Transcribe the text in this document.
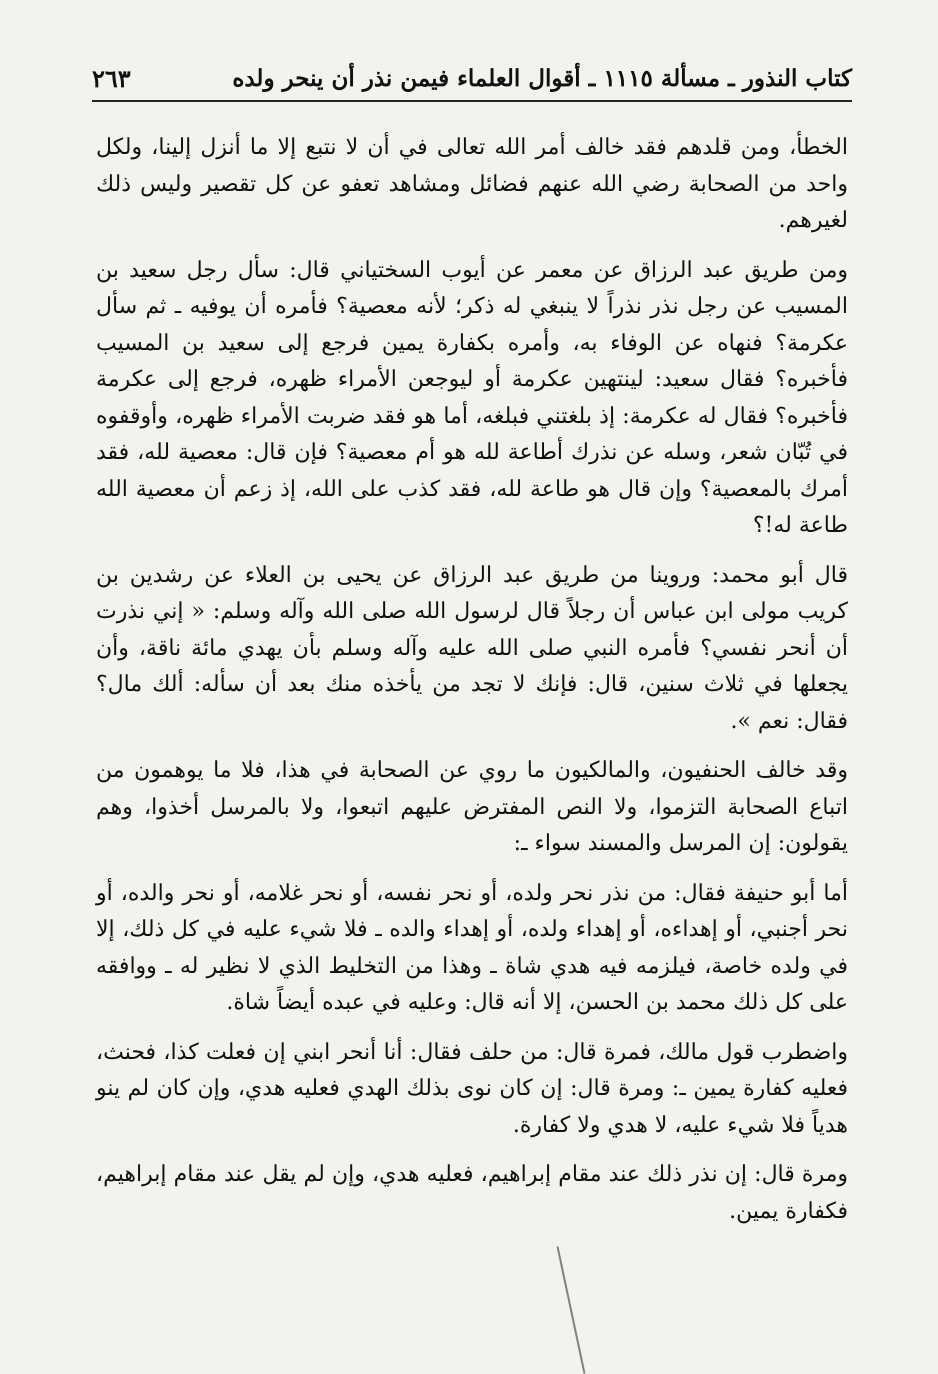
كتاب النذور ـ مسألة ١١١٥ ـ أقوال العلماء فيمن نذر أن ينحر ولده
٢٦٣

الخطأ، ومن قلدهم فقد خالف أمر الله تعالى في أن لا نتبع إلا ما أنزل إلينا، ولكل واحد من الصحابة رضي الله عنهم فضائل ومشاهد تعفو عن كل تقصير وليس ذلك لغيرهم.

ومن طريق عبد الرزاق عن معمر عن أيوب السختياني قال: سأل رجل سعيد بن المسيب عن رجل نذر نذراً لا ينبغي له ذكر؛ لأنه معصية؟ فأمره أن يوفيه ـ ثم سأل عكرمة؟ فنهاه عن الوفاء به، وأمره بكفارة يمين فرجع إلى سعيد بن المسيب فأخبره؟ فقال سعيد: لينتهين عكرمة أو ليوجعن الأمراء ظهره، فرجع إلى عكرمة فأخبره؟ فقال له عكرمة: إذ بلغتني فبلغه، أما هو فقد ضربت الأمراء ظهره، وأوقفوه في تُبّان شعر، وسله عن نذرك أطاعة لله هو أم معصية؟ فإن قال: معصية لله، فقد أمرك بالمعصية؟ وإن قال هو طاعة لله، فقد كذب على الله، إذ زعم أن معصية الله طاعة له!؟

قال أبو محمد: وروينا من طريق عبد الرزاق عن يحيى بن العلاء عن رشدين بن كريب مولى ابن عباس أن رجلاً قال لرسول الله صلى الله وآله وسلم: « إني نذرت أن أنحر نفسي؟ فأمره النبي صلى الله عليه وآله وسلم بأن يهدي مائة ناقة، وأن يجعلها في ثلاث سنين، قال: فإنك لا تجد من يأخذه منك بعد أن سأله: ألك مال؟ فقال: نعم ».

وقد خالف الحنفيون، والمالكيون ما روي عن الصحابة في هذا، فلا ما يوهمون من اتباع الصحابة التزموا، ولا النص المفترض عليهم اتبعوا، ولا بالمرسل أخذوا، وهم يقولون: إن المرسل والمسند سواء ـ:

أما أبو حنيفة فقال: من نذر نحر ولده، أو نحر نفسه، أو نحر غلامه، أو نحر والده، أو نحر أجنبي، أو إهداءه، أو إهداء ولده، أو إهداء والده ـ فلا شيء عليه في كل ذلك، إلا في ولده خاصة، فيلزمه فيه هدي شاة ـ وهذا من التخليط الذي لا نظير له ـ ووافقه على كل ذلك محمد بن الحسن، إلا أنه قال: وعليه في عبده أيضاً شاة.

واضطرب قول مالك، فمرة قال: من حلف فقال: أنا أنحر ابني إن فعلت كذا، فحنث، فعليه كفارة يمين ـ: ومرة قال: إن كان نوى بذلك الهدي فعليه هدي، وإن كان لم ينو هدياً فلا شيء عليه، لا هدي ولا كفارة.

ومرة قال: إن نذر ذلك عند مقام إبراهيم، فعليه هدي، وإن لم يقل عند مقام إبراهيم، فكفارة يمين.
